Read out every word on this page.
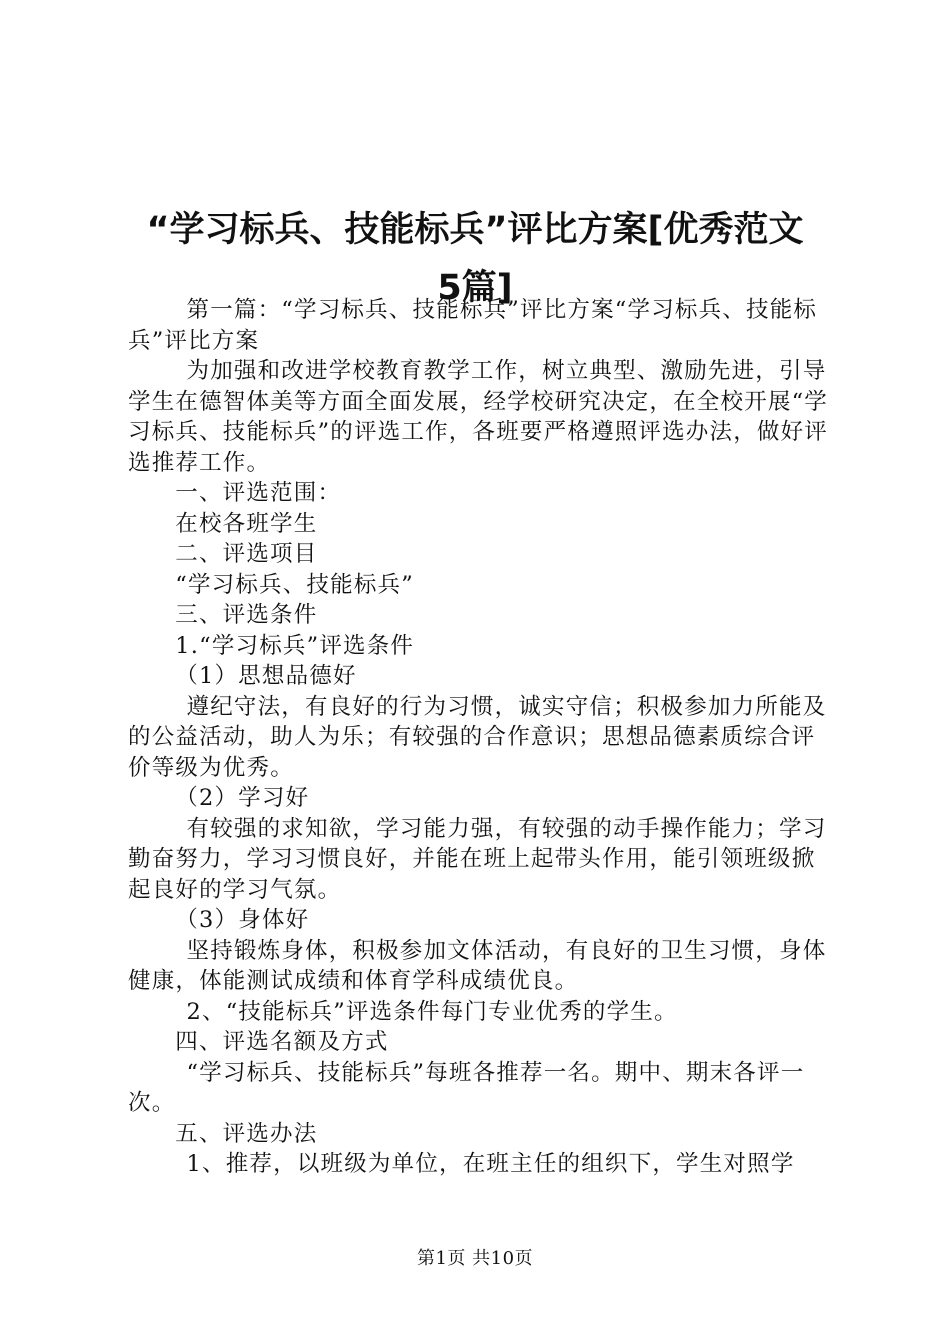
“学习标兵、技能标兵”评比方案[优秀范文
5篇]

第一篇：“学习标兵、技能标兵”评比方案“学习标兵、技能标兵”评比方案

为加强和改进学校教育教学工作，树立典型、激励先进，引导学生在德智体美等方面全面发展，经学校研究决定，在全校开展“学习标兵、技能标兵”的评选工作，各班要严格遵照评选办法，做好评选推荐工作。

一、评选范围：

在校各班学生

二、评选项目

“学习标兵、技能标兵”

三、评选条件

1.“学习标兵”评选条件

（1）思想品德好

遵纪守法，有良好的行为习惯，诚实守信；积极参加力所能及的公益活动，助人为乐；有较强的合作意识；思想品德素质综合评价等级为优秀。

（2）学习好

有较强的求知欲，学习能力强，有较强的动手操作能力；学习勤奋努力，学习习惯良好，并能在班上起带头作用，能引领班级掀起良好的学习气氛。

（3）身体好

坚持锻炼身体，积极参加文体活动，有良好的卫生习惯，身体健康，体能测试成绩和体育学科成绩优良。

2、“技能标兵”评选条件每门专业优秀的学生。

四、评选名额及方式

“学习标兵、技能标兵”每班各推荐一名。期中、期末各评一次。

五、评选办法

1、推荐，以班级为单位，在班主任的组织下，学生对照学

第1页 共10页
